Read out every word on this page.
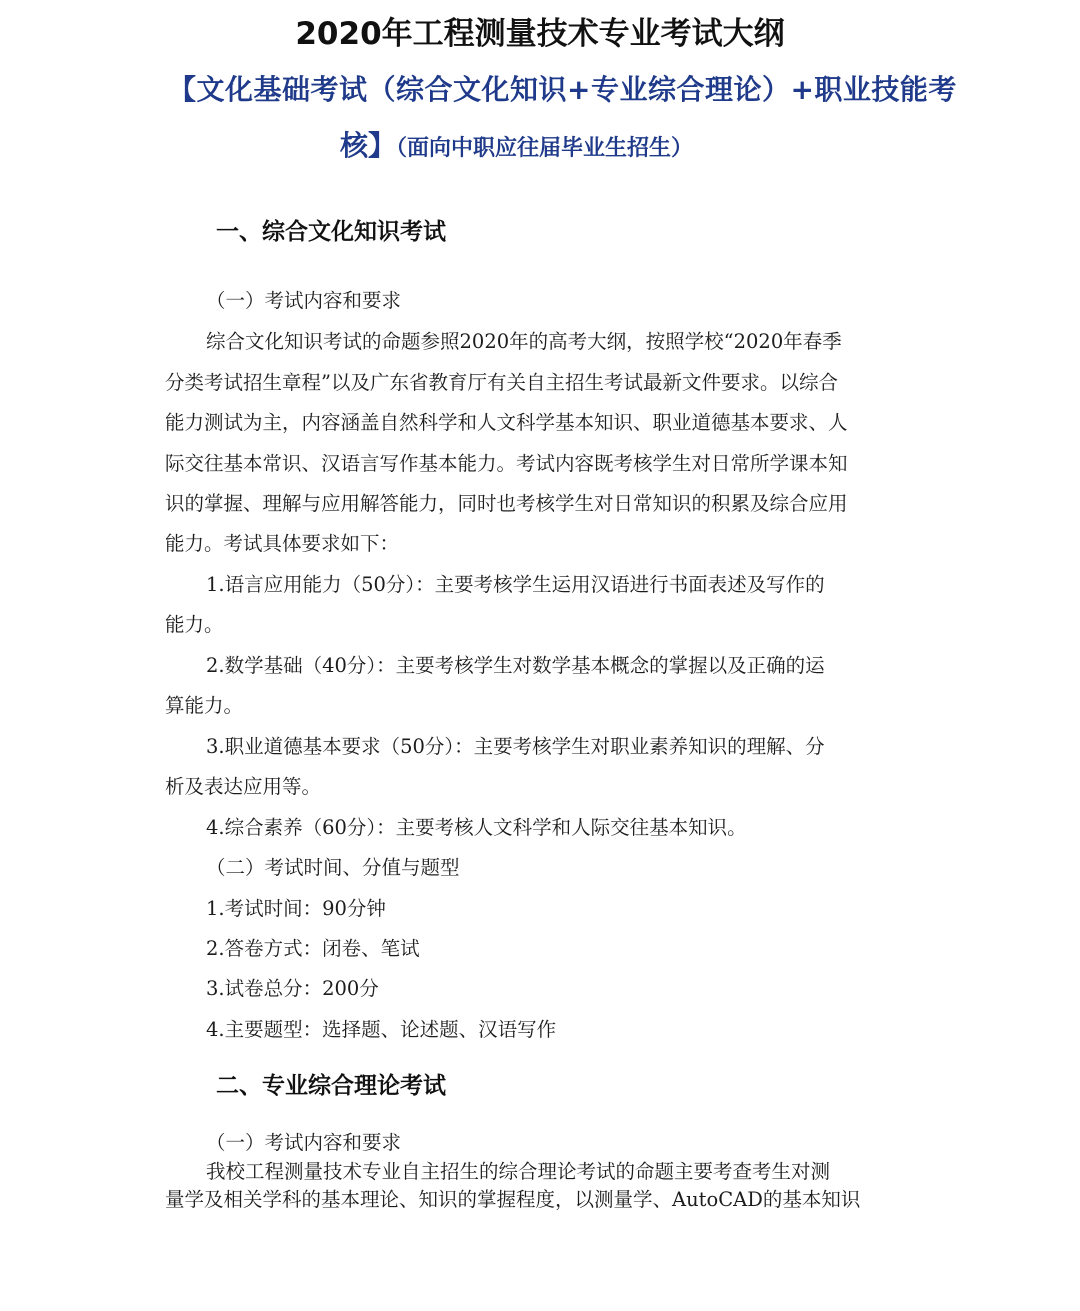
2020年工程测量技术专业考试大纲
【文化基础考试（综合文化知识+专业综合理论）+职业技能考
核】（面向中职应往届毕业生招生）
一、综合文化知识考试
（一）考试内容和要求
综合文化知识考试的命题参照2020年的高考大纲，按照学校“2020年春季
分类考试招生章程”以及广东省教育厅有关自主招生考试最新文件要求。以综合
能力测试为主，内容涵盖自然科学和人文科学基本知识、职业道德基本要求、人
际交往基本常识、汉语言写作基本能力。考试内容既考核学生对日常所学课本知
识的掌握、理解与应用解答能力，同时也考核学生对日常知识的积累及综合应用
能力。考试具体要求如下：
1.语言应用能力（50分）：主要考核学生运用汉语进行书面表述及写作的
能力。
2.数学基础（40分）：主要考核学生对数学基本概念的掌握以及正确的运
算能力。
3.职业道德基本要求（50分）：主要考核学生对职业素养知识的理解、分
析及表达应用等。
4.综合素养（60分）：主要考核人文科学和人际交往基本知识。
（二）考试时间、分值与题型
1.考试时间：90分钟
2.答卷方式：闭卷、笔试
3.试卷总分：200分
4.主要题型：选择题、论述题、汉语写作
二、专业综合理论考试
（一）考试内容和要求
我校工程测量技术专业自主招生的综合理论考试的命题主要考查考生对测
量学及相关学科的基本理论、知识的掌握程度，以测量学、AutoCAD的基本知识
